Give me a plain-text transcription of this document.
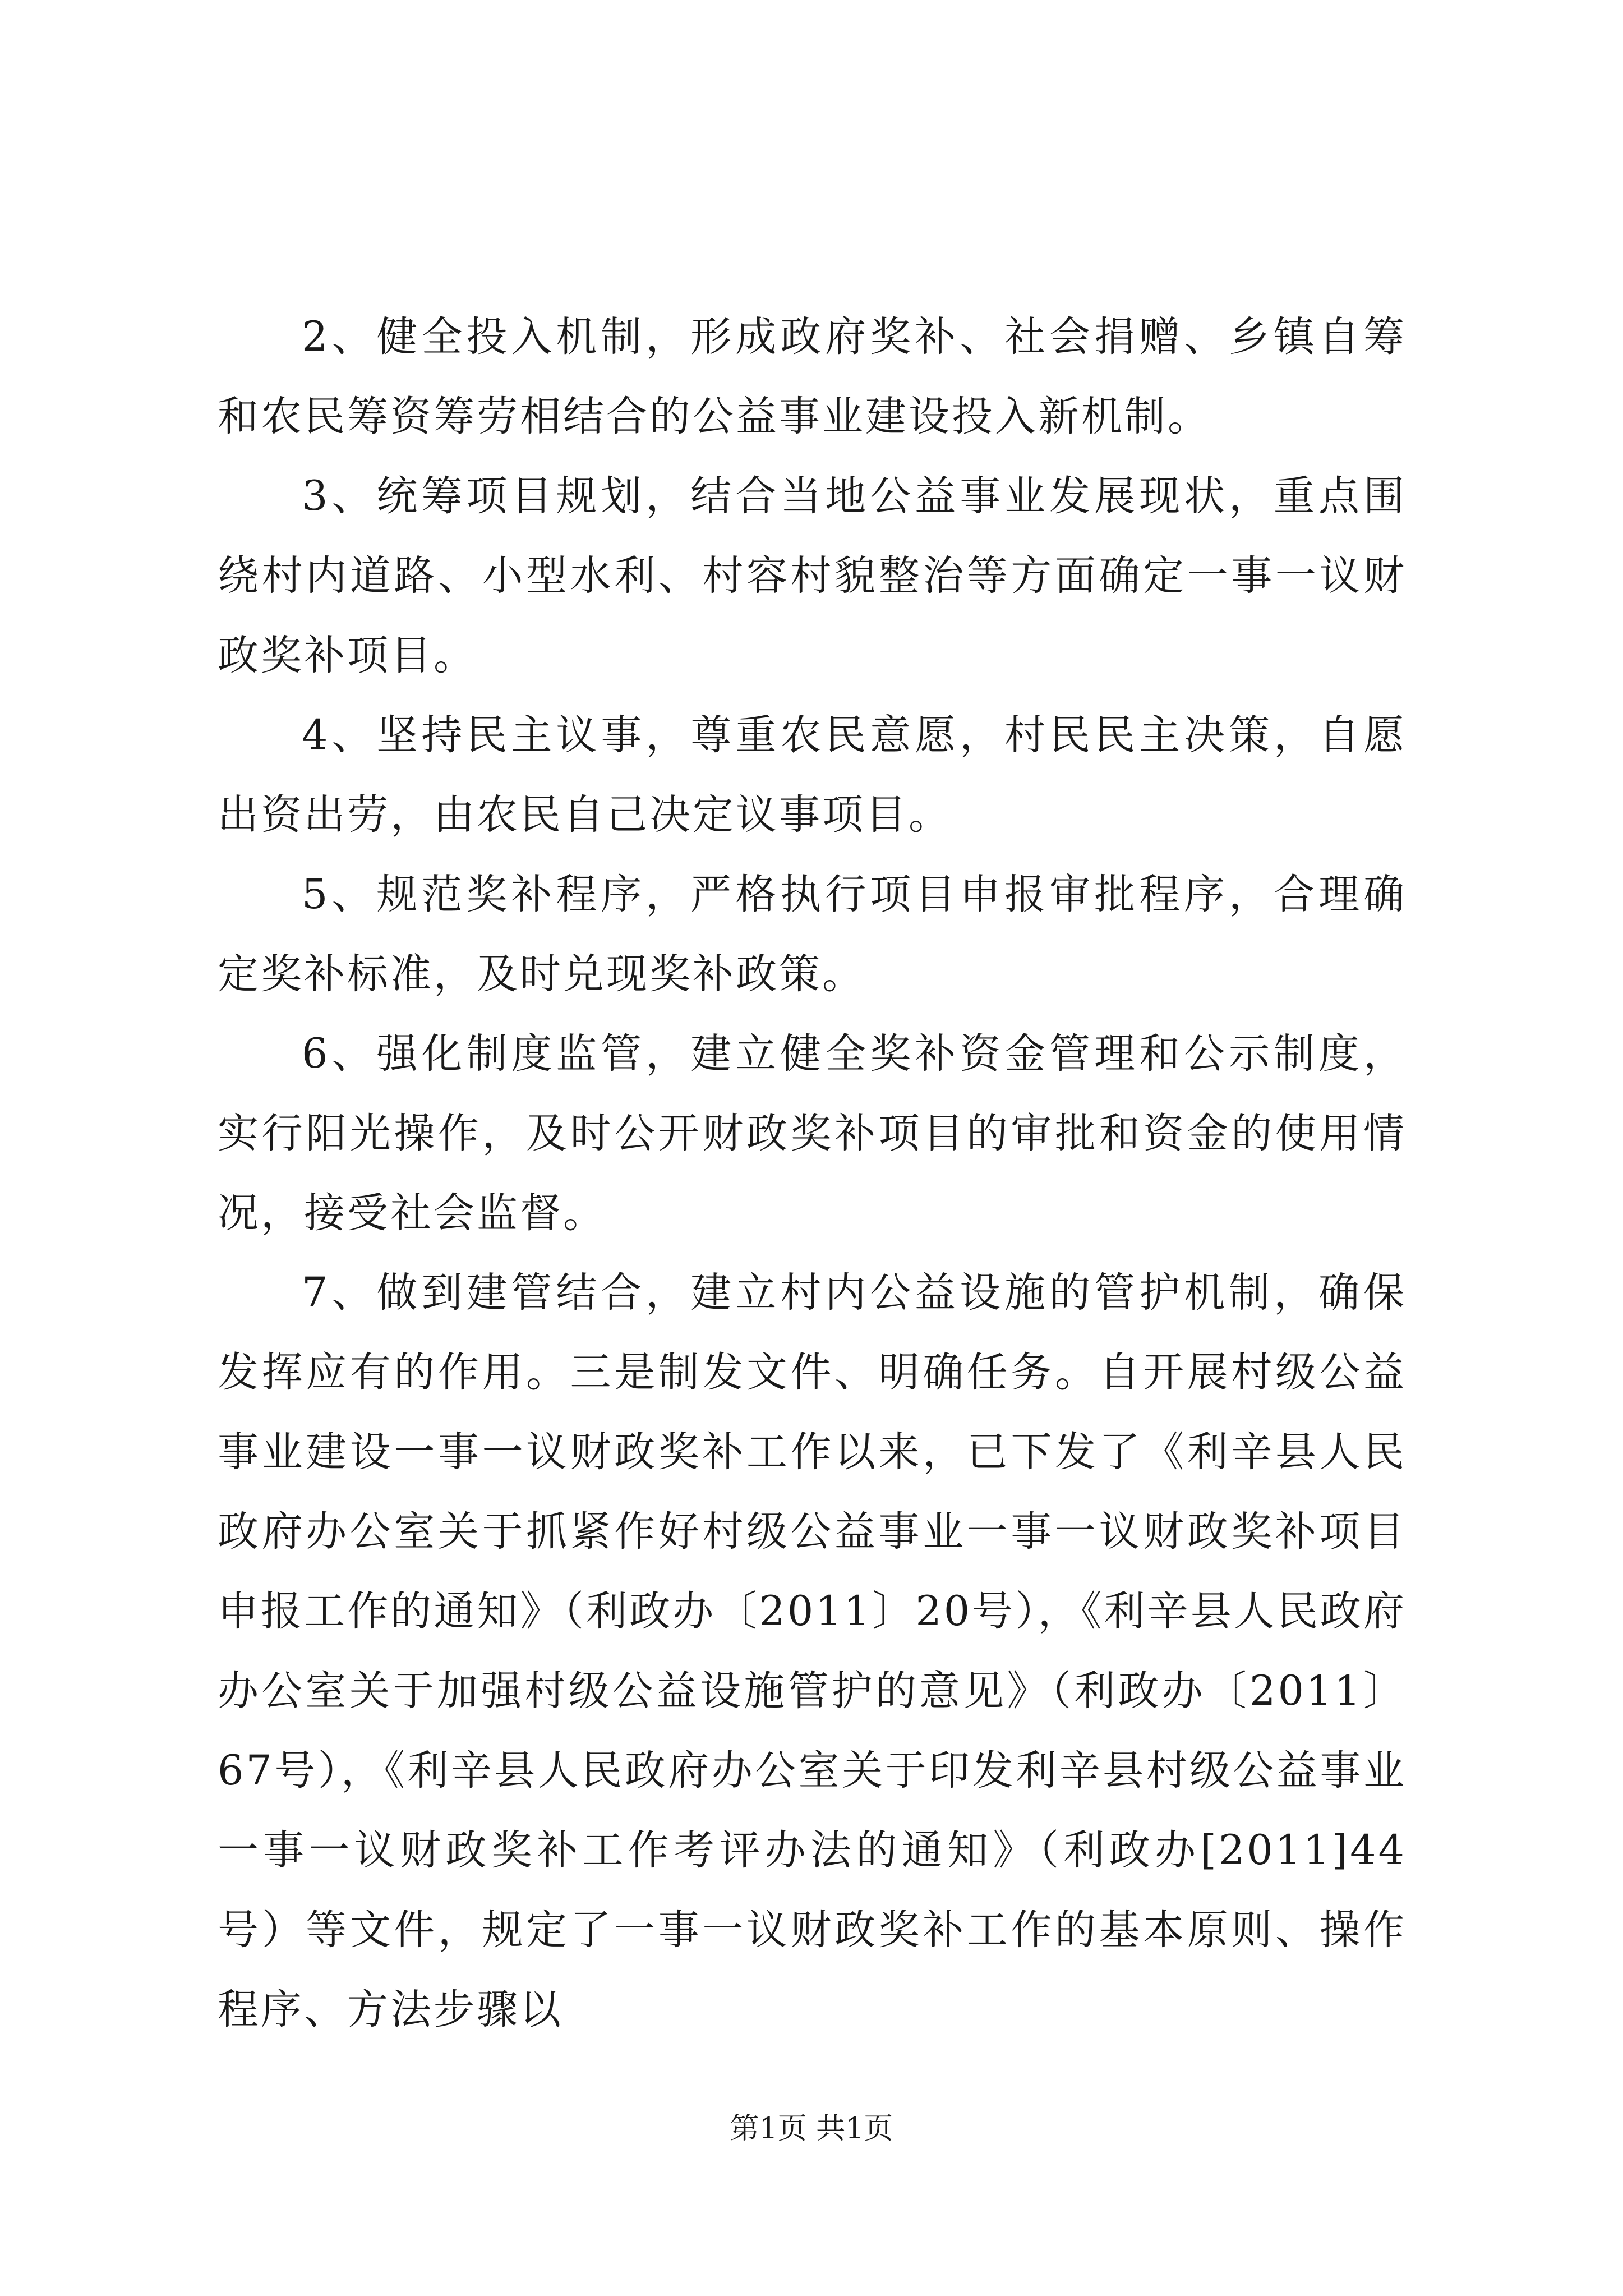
2、健全投入机制，形成政府奖补、社会捐赠、乡镇自筹和农民筹资筹劳相结合的公益事业建设投入新机制。

3、统筹项目规划，结合当地公益事业发展现状，重点围绕村内道路、小型水利、村容村貌整治等方面确定一事一议财政奖补项目。

4、坚持民主议事，尊重农民意愿，村民民主决策，自愿出资出劳，由农民自己决定议事项目。

5、规范奖补程序，严格执行项目申报审批程序，合理确定奖补标准，及时兑现奖补政策。

6、强化制度监管，建立健全奖补资金管理和公示制度，实行阳光操作，及时公开财政奖补项目的审批和资金的使用情况，接受社会监督。

7、做到建管结合，建立村内公益设施的管护机制，确保发挥应有的作用。三是制发文件、明确任务。自开展村级公益事业建设一事一议财政奖补工作以来，已下发了《利辛县人民政府办公室关于抓紧作好村级公益事业一事一议财政奖补项目申报工作的通知》（利政办〔2011〕20号），《利辛县人民政府办公室关于加强村级公益设施管护的意见》（利政办〔2011〕67号），《利辛县人民政府办公室关于印发利辛县村级公益事业一事一议财政奖补工作考评办法的通知》（利政办[2011]44号）等文件，规定了一事一议财政奖补工作的基本原则、操作程序、方法步骤以

第1页 共1页
